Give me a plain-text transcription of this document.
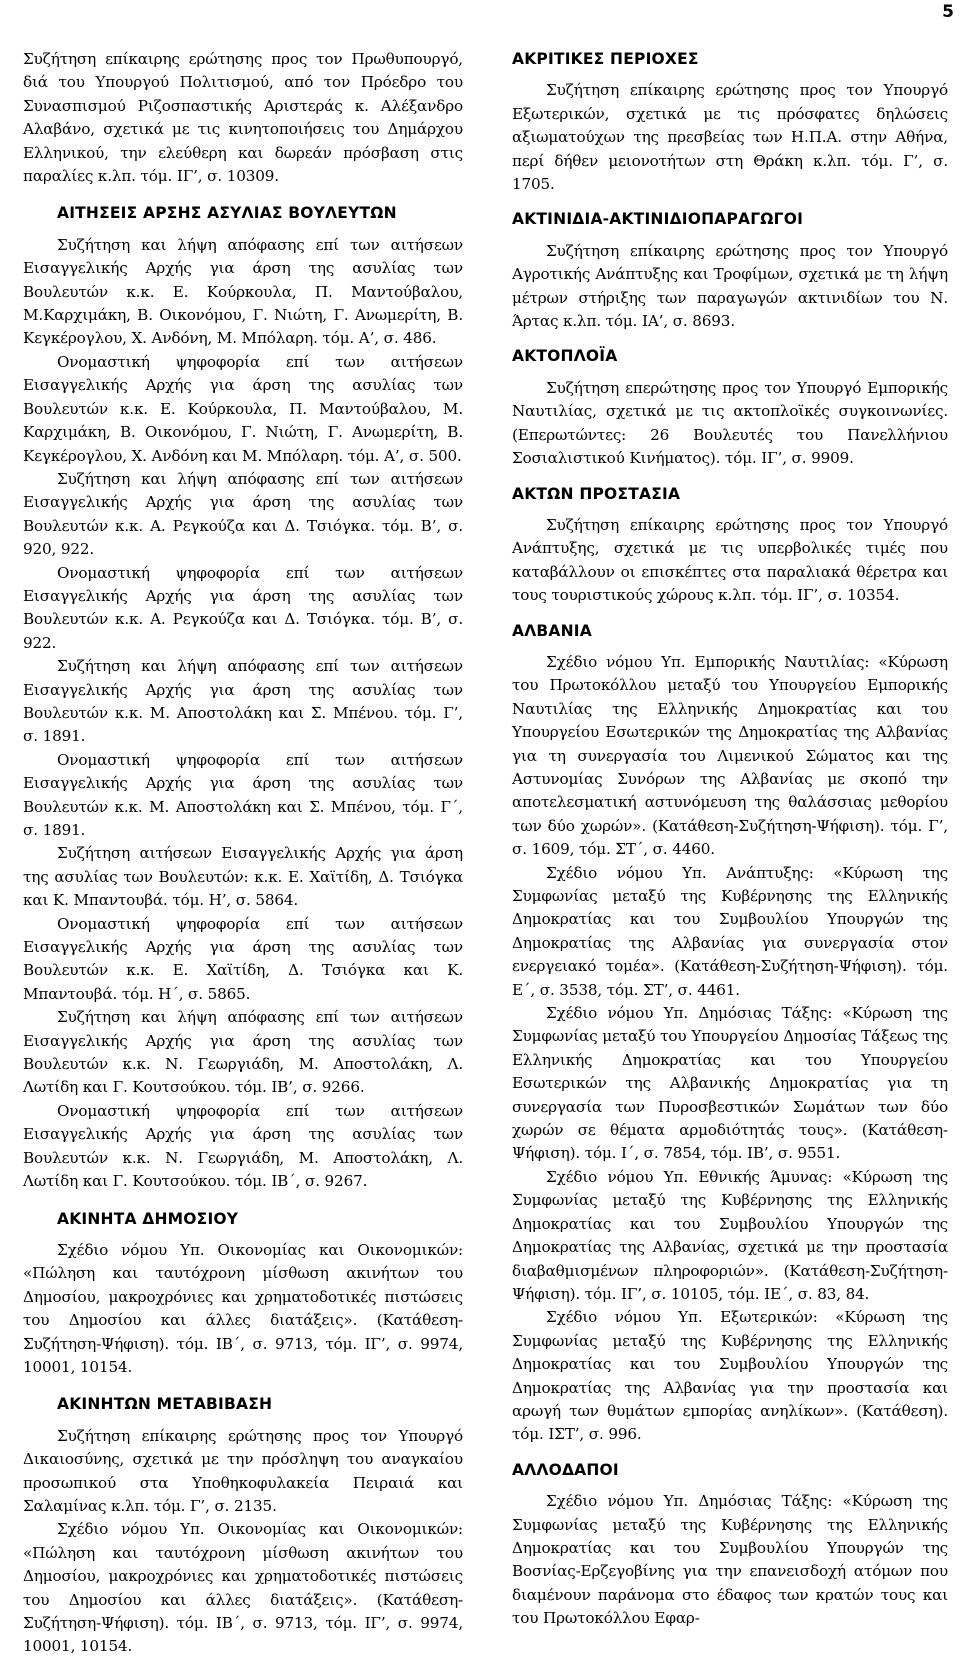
5

Συζήτηση επίκαιρης ερώτησης προς τον Πρωθυπουργό, διά του Υπουργού Πολιτισμού, από τον Πρόεδρο του Συνασπισμού Ριζοσπαστικής Αριστεράς κ. Αλέξανδρο Αλαβάνο, σχετικά με τις κινητοποιήσεις του Δημάρχου Ελληνικού, την ελεύθερη και δωρεάν πρόσβαση στις παραλίες κ.λπ. τόμ. ΙΓ’, σ. 10309.

ΑΙΤΗΣΕΙΣ ΑΡΣΗΣ ΑΣΥΛΙΑΣ ΒΟΥΛΕΥΤΩΝ

Συζήτηση και λήψη απόφασης επί των αιτήσεων Εισαγγελικής Αρχής για άρση της ασυλίας των Βουλευτών κ.κ. Ε. Κούρκουλα, Π. Μαντούβαλου, Μ.Καρχιμάκη, Β. Οικονόμου, Γ. Νιώτη, Γ. Ανωμερίτη, Β. Κεγκέρογλου, Χ. Ανδόνη, Μ. Μπόλαρη. τόμ. Α’, σ. 486.

Ονομαστική ψηφοφορία επί των αιτήσεων Εισαγγελικής Αρχής για άρση της ασυλίας των Βουλευτών κ.κ. Ε. Κούρκουλα, Π. Μαντούβαλου, Μ. Καρχιμάκη, Β. Οικονόμου, Γ. Νιώτη, Γ. Ανωμερίτη, Β. Κεγκέρογλου, Χ. Ανδόνη και Μ. Μπόλαρη. τόμ. Α’, σ. 500.

Συζήτηση και λήψη απόφασης επί των αιτήσεων Εισαγγελικής Αρχής για άρση της ασυλίας των Βουλευτών κ.κ. Α. Ρεγκούζα και Δ. Τσιόγκα. τόμ. Β’, σ. 920, 922.

Ονομαστική ψηφοφορία επί των αιτήσεων Εισαγγελικής Αρχής για άρση της ασυλίας των Βουλευτών κ.κ. Α. Ρεγκούζα και Δ. Τσιόγκα. τόμ. Β’, σ. 922.

Συζήτηση και λήψη απόφασης επί των αιτήσεων Εισαγγελικής Αρχής για άρση της ασυλίας των Βουλευτών κ.κ. Μ. Αποστολάκη και Σ. Μπένου. τόμ. Γ’, σ. 1891.

Ονομαστική ψηφοφορία επί των αιτήσεων Εισαγγελικής Αρχής για άρση της ασυλίας των Βουλευτών κ.κ. Μ. Αποστολάκη και Σ. Μπένου, τόμ. Γ΄, σ. 1891.

Συζήτηση αιτήσεων Εισαγγελικής Αρχής για άρση της ασυλίας των Βουλευτών: κ.κ. Ε. Χαϊτίδη, Δ. Τσιόγκα και Κ. Μπαντουβά. τόμ. Η’, σ. 5864.

Ονομαστική ψηφοφορία επί των αιτήσεων Εισαγγελικής Αρχής για άρση της ασυλίας των Βουλευτών κ.κ. Ε. Χαϊτίδη, Δ. Τσιόγκα και Κ. Μπαντουβά. τόμ. Η΄, σ. 5865.

Συζήτηση και λήψη απόφασης επί των αιτήσεων Εισαγγελικής Αρχής για άρση της ασυλίας των Βουλευτών κ.κ. Ν. Γεωργιάδη, Μ. Αποστολάκη, Λ. Λωτίδη και Γ. Κουτσούκου. τόμ. ΙΒ’, σ. 9266.

Ονομαστική ψηφοφορία επί των αιτήσεων Εισαγγελικής Αρχής για άρση της ασυλίας των Βουλευτών κ.κ. Ν. Γεωργιάδη, Μ. Αποστολάκη, Λ. Λωτίδη και Γ. Κουτσούκου. τόμ. ΙΒ΄, σ. 9267.

ΑΚΙΝΗΤΑ ΔΗΜΟΣΙΟΥ

Σχέδιο νόμου Υπ. Οικονομίας και Οικονομικών: «Πώληση και ταυτόχρονη μίσθωση ακινήτων του Δημοσίου, μακροχρόνιες και χρηματοδοτικές πιστώσεις του Δημοσίου και άλλες διατάξεις». (Κατάθεση-Συζήτηση-Ψήφιση). τόμ. ΙΒ΄, σ. 9713, τόμ. ΙΓ’, σ. 9974, 10001, 10154.

ΑΚΙΝΗΤΩΝ ΜΕΤΑΒΙΒΑΣΗ

Συζήτηση επίκαιρης ερώτησης προς τον Υπουργό Δικαιοσύνης, σχετικά με την πρόσληψη του αναγκαίου προσωπικού στα Υποθηκοφυλακεία Πειραιά και Σαλαμίνας κ.λπ. τόμ. Γ’, σ. 2135.

Σχέδιο νόμου Υπ. Οικονομίας και Οικονομικών: «Πώληση και ταυτόχρονη μίσθωση ακινήτων του Δημοσίου, μακροχρόνιες και χρηματοδοτικές πιστώσεις του Δημοσίου και άλλες διατάξεις». (Κατάθεση-Συζήτηση-Ψήφιση). τόμ. ΙΒ΄, σ. 9713, τόμ. ΙΓ’, σ. 9974, 10001, 10154.

ΑΚΡΙΤΙΚΕΣ ΠΕΡΙΟΧΕΣ

Συζήτηση επίκαιρης ερώτησης προς τον Υπουργό Εξωτερικών, σχετικά με τις πρόσφατες δηλώσεις αξιωματούχων της πρεσβείας των Η.Π.Α. στην Αθήνα, περί δήθεν μειονοτήτων στη Θράκη κ.λπ. τόμ. Γ’, σ. 1705.

ΑΚΤΙΝΙΔΙΑ-ΑΚΤΙΝΙΔΙΟΠΑΡΑΓΩΓΟΙ

Συζήτηση επίκαιρης ερώτησης προς τον Υπουργό Αγροτικής Ανάπτυξης και Τροφίμων, σχετικά με τη λήψη μέτρων στήριξης των παραγωγών ακτινιδίων του Ν. Άρτας κ.λπ. τόμ. ΙΑ’, σ. 8693.

ΑΚΤΟΠΛΟΪΑ

Συζήτηση επερώτησης προς τον Υπουργό Εμπορικής Ναυτιλίας, σχετικά με τις ακτοπλοϊκές συγκοινωνίες. (Επερωτώντες: 26 Βουλευτές του Πανελλήνιου Σοσιαλιστικού Κινήματος). τόμ. ΙΓ’, σ. 9909.

ΑΚΤΩΝ ΠΡΟΣΤΑΣΙΑ

Συζήτηση επίκαιρης ερώτησης προς τον Υπουργό Ανάπτυξης, σχετικά με τις υπερβολικές τιμές που καταβάλλουν οι επισκέπτες στα παραλιακά θέρετρα και τους τουριστικούς χώρους κ.λπ. τόμ. ΙΓ’, σ. 10354.

ΑΛΒΑΝΙΑ

Σχέδιο νόμου Υπ. Εμπορικής Ναυτιλίας: «Κύρωση του Πρωτοκόλλου μεταξύ του Υπουργείου Εμπορικής Ναυτιλίας της Ελληνικής Δημοκρατίας και του Υπουργείου Εσωτερικών της Δημοκρατίας της Αλβανίας για τη συνεργασία του Λιμενικού Σώματος και της Αστυνομίας Συνόρων της Αλβανίας με σκοπό την αποτελεσματική αστυνόμευση της θαλάσσιας μεθορίου των δύο χωρών». (Κατάθεση-Συζήτηση-Ψήφιση). τόμ. Γ’, σ. 1609, τόμ. ΣΤ΄, σ. 4460.

Σχέδιο νόμου Υπ. Ανάπτυξης: «Κύρωση της Συμφωνίας μεταξύ της Κυβέρνησης της Ελληνικής Δημοκρατίας και του Συμβουλίου Υπουργών της Δημοκρατίας της Αλβανίας για συνεργασία στον ενεργειακό τομέα». (Κατάθεση-Συζήτηση-Ψήφιση). τόμ. Ε΄, σ. 3538, τόμ. ΣΤ’, σ. 4461.

Σχέδιο νόμου Υπ. Δημόσιας Τάξης: «Κύρωση της Συμφωνίας μεταξύ του Υπουργείου Δημοσίας Τάξεως της Ελληνικής Δημοκρατίας και του Υπουργείου Εσωτερικών της Αλβανικής Δημοκρατίας για τη συνεργασία των Πυροσβεστικών Σωμάτων των δύο χωρών σε θέματα αρμοδιότητάς τους». (Κατάθεση-Ψήφιση). τόμ. Ι΄, σ. 7854, τόμ. ΙΒ’, σ. 9551.

Σχέδιο νόμου Υπ. Εθνικής Άμυνας: «Κύρωση της Συμφωνίας μεταξύ της Κυβέρνησης της Ελληνικής Δημοκρατίας και του Συμβουλίου Υπουργών της Δημοκρατίας της Αλβανίας, σχετικά με την προστασία διαβαθμισμένων πληροφοριών». (Κατάθεση-Συζήτηση-Ψήφιση). τόμ. ΙΓ’, σ. 10105, τόμ. ΙΕ΄, σ. 83, 84.

Σχέδιο νόμου Υπ. Εξωτερικών: «Κύρωση της Συμφωνίας μεταξύ της Κυβέρνησης της Ελληνικής Δημοκρατίας και του Συμβουλίου Υπουργών της Δημοκρατίας της Αλβανίας για την προστασία και αρωγή των θυμάτων εμπορίας ανηλίκων». (Κατάθεση). τόμ. ΙΣΤ’, σ. 996.

ΑΛΛΟΔΑΠΟΙ

Σχέδιο νόμου Υπ. Δημόσιας Τάξης: «Κύρωση της Συμφωνίας μεταξύ της Κυβέρνησης της Ελληνικής Δημοκρατίας και του Συμβουλίου Υπουργών της Βοσνίας-Ερζεγοβίνης για την επανεισδοχή ατόμων που διαμένουν παράνομα στο έδαφος των κρατών τους και του Πρωτοκόλλου Εφαρ-
